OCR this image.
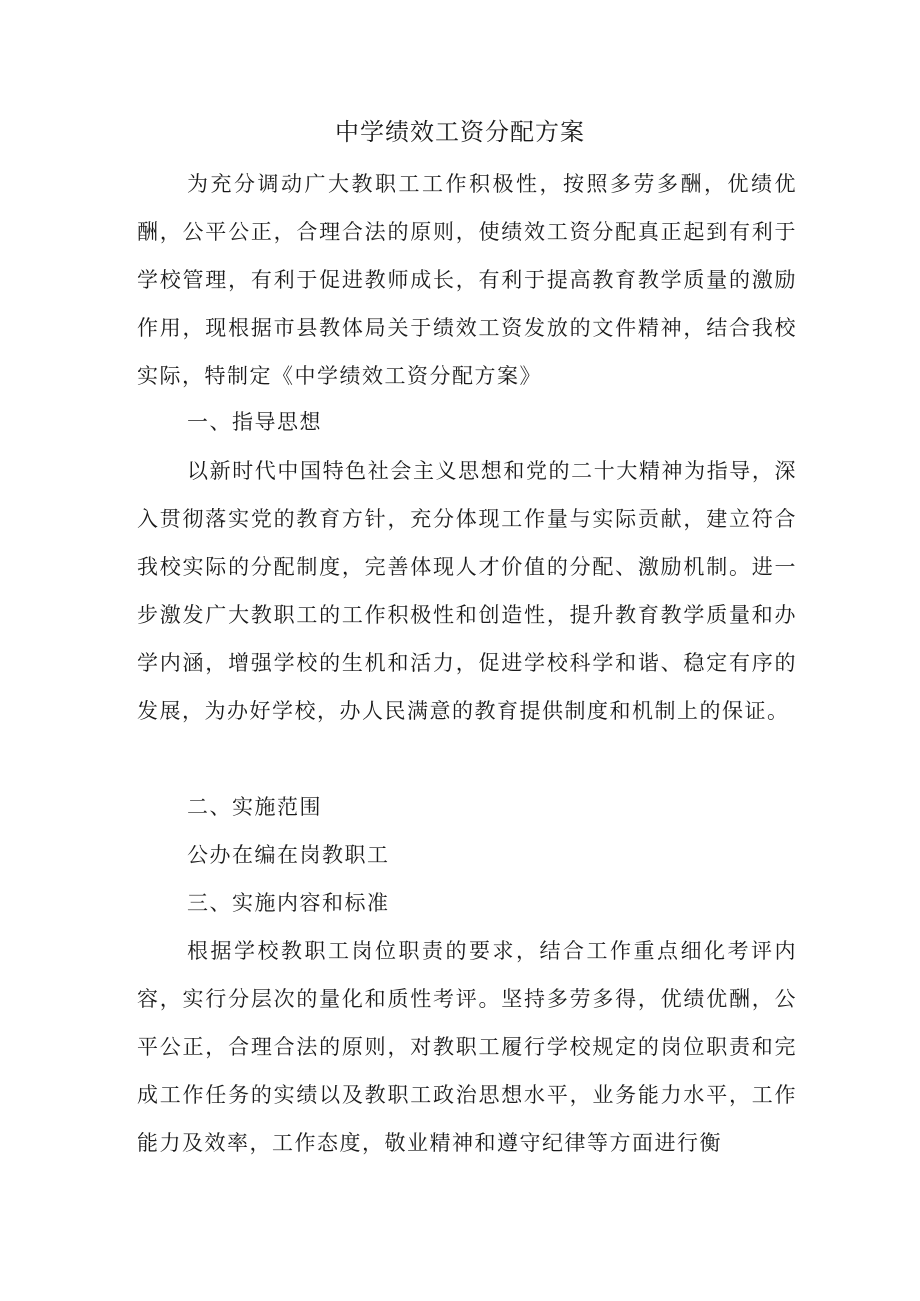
中学绩效工资分配方案

为充分调动广大教职工工作积极性，按照多劳多酬，优绩优酬，公平公正，合理合法的原则，使绩效工资分配真正起到有利于学校管理，有利于促进教师成长，有利于提高教育教学质量的激励作用，现根据市县教体局关于绩效工资发放的文件精神，结合我校实际，特制定《中学绩效工资分配方案》

一、指导思想

以新时代中国特色社会主义思想和党的二十大精神为指导，深入贯彻落实党的教育方针，充分体现工作量与实际贡献，建立符合我校实际的分配制度，完善体现人才价值的分配、激励机制。进一步激发广大教职工的工作积极性和创造性，提升教育教学质量和办学内涵，增强学校的生机和活力，促进学校科学和谐、稳定有序的发展，为办好学校，办人民满意的教育提供制度和机制上的保证。

二、实施范围

公办在编在岗教职工

三、实施内容和标准

根据学校教职工岗位职责的要求，结合工作重点细化考评内容，实行分层次的量化和质性考评。坚持多劳多得，优绩优酬，公平公正，合理合法的原则，对教职工履行学校规定的岗位职责和完成工作任务的实绩以及教职工政治思想水平，业务能力水平，工作能力及效率，工作态度，敬业精神和遵守纪律等方面进行衡
